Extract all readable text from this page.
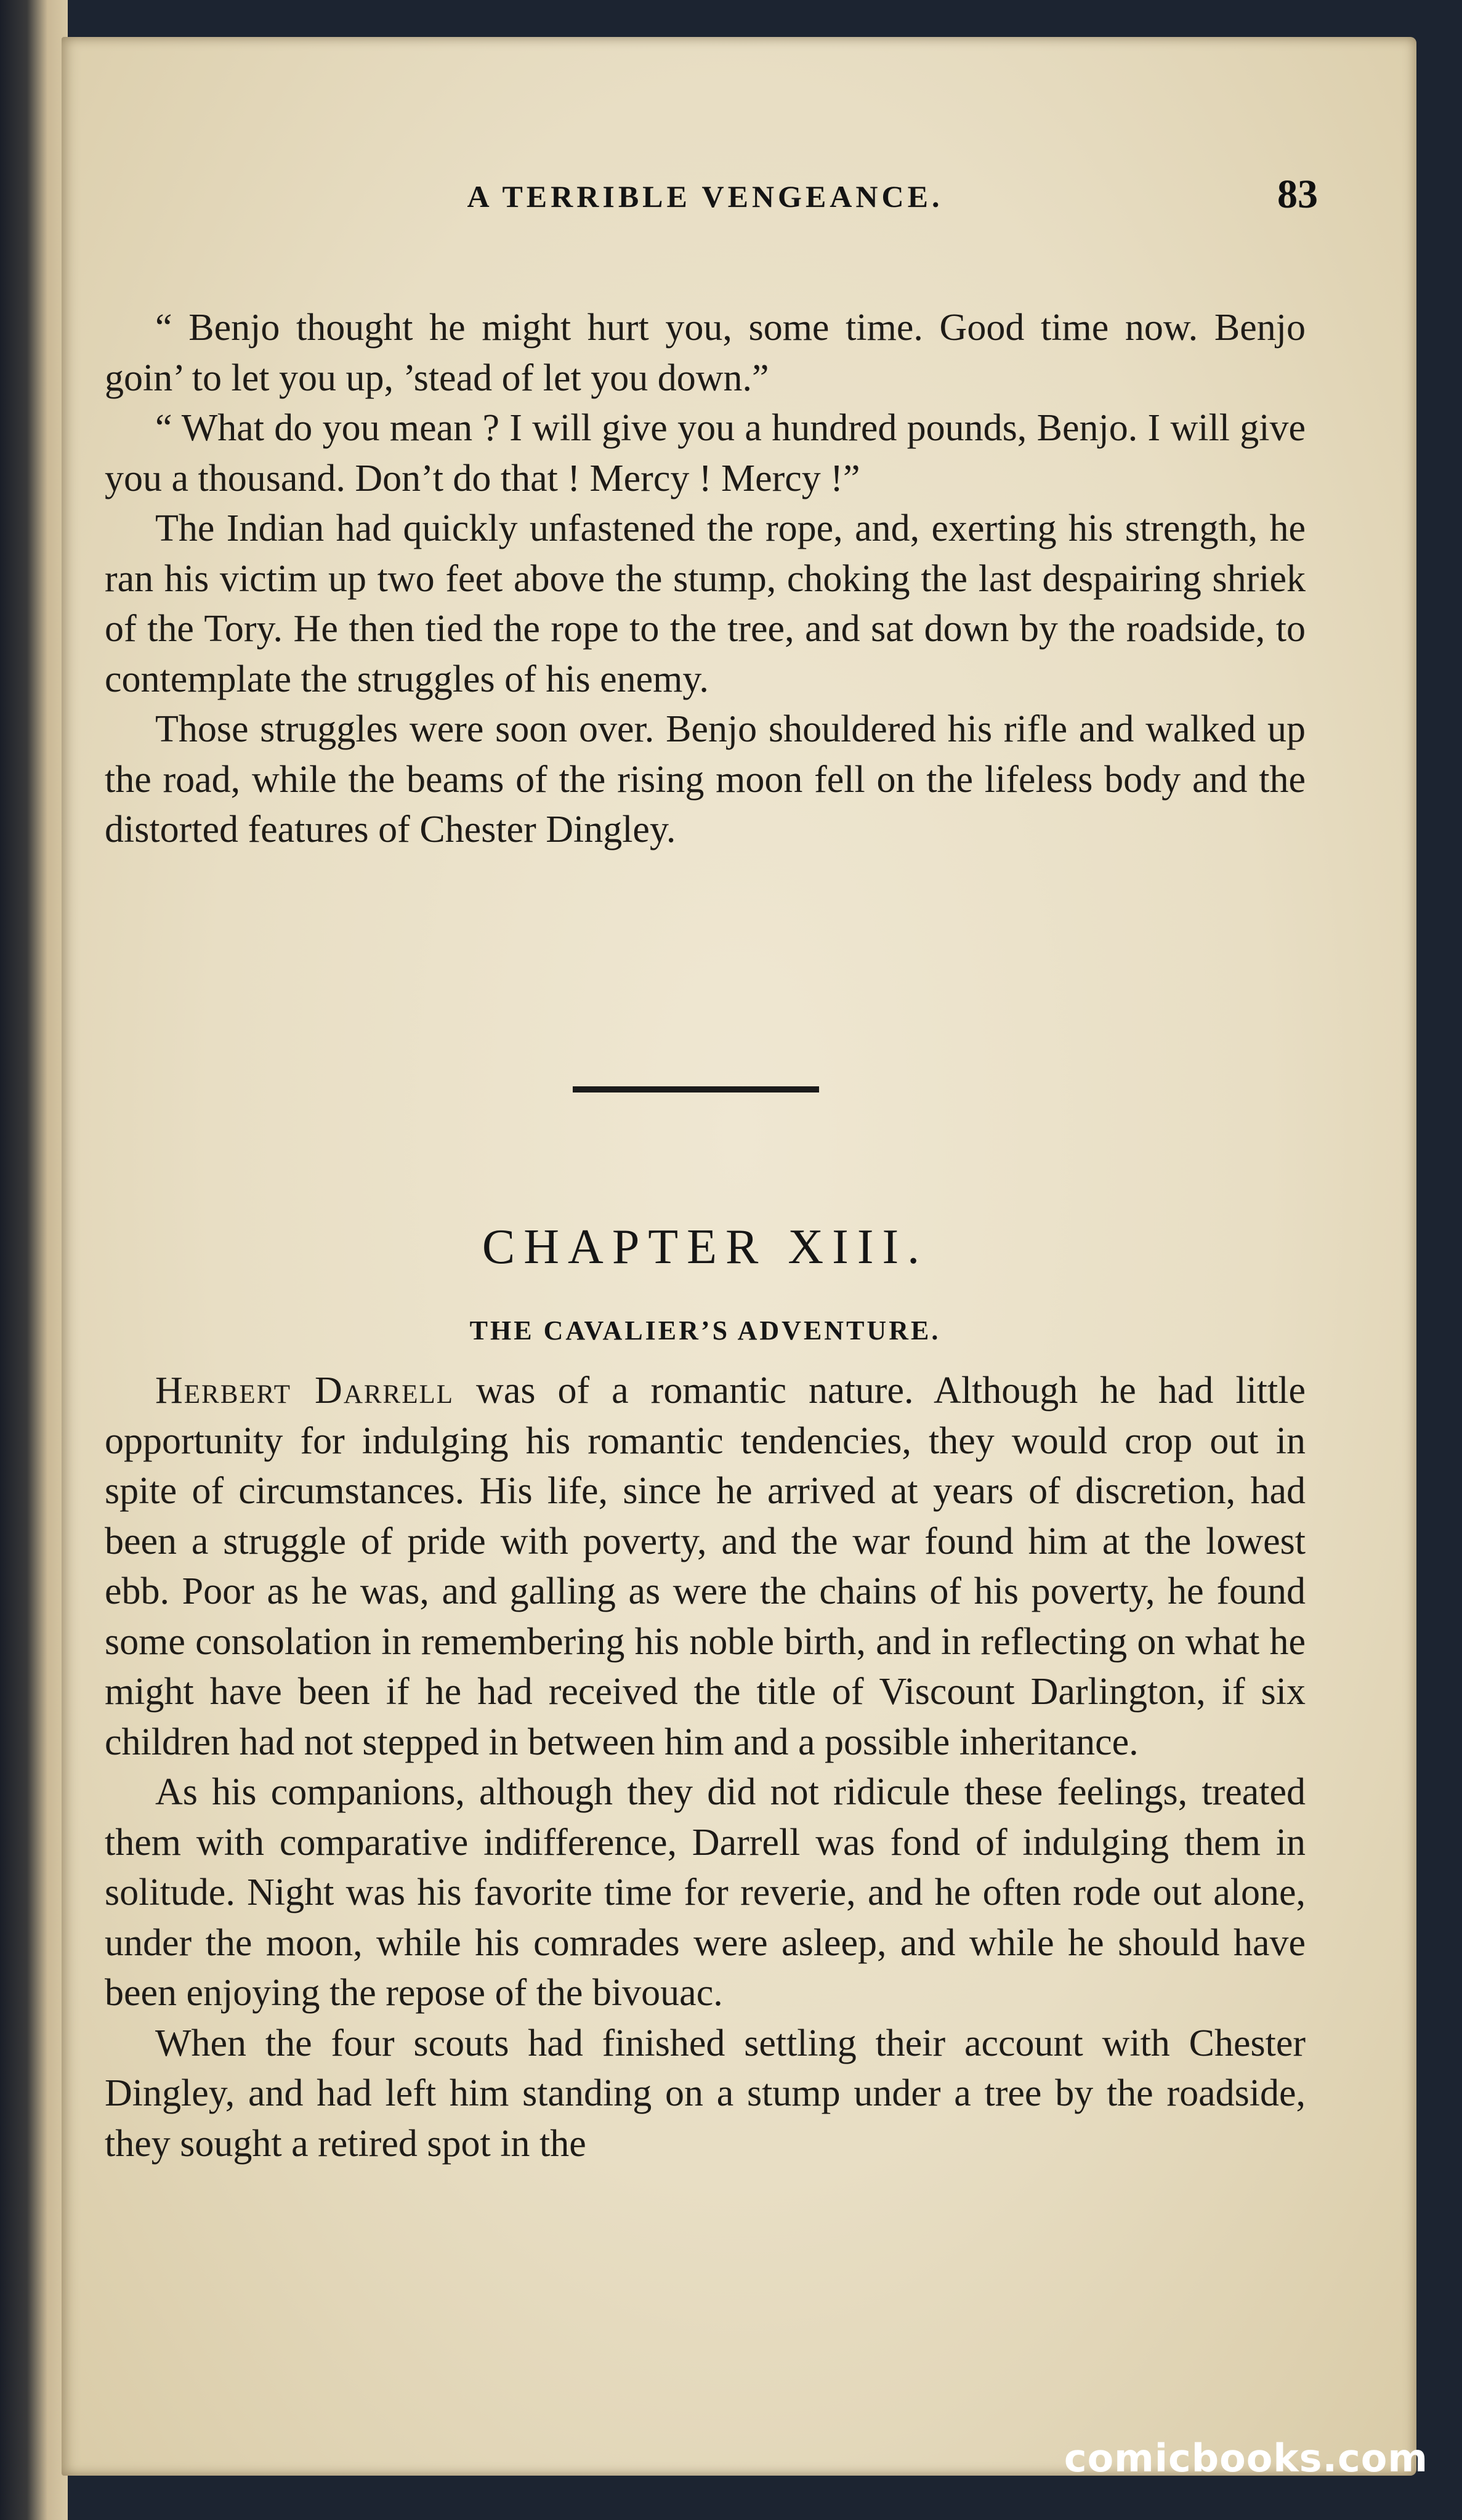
A TERRIBLE VENGEANCE.	83

“ Benjo thought he might hurt you, some time. Good time now. Benjo goin’ to let you up, ’stead of let you down.”

“ What do you mean ? I will give you a hundred pounds, Benjo. I will give you a thousand. Don’t do that ! Mercy ! Mercy !”

The Indian had quickly unfastened the rope, and, exerting his strength, he ran his victim up two feet above the stump, choking the last despairing shriek of the Tory. He then tied the rope to the tree, and sat down by the roadside, to contemplate the struggles of his enemy.

Those struggles were soon over. Benjo shouldered his rifle and walked up the road, while the beams of the rising moon fell on the lifeless body and the distorted features of Chester Dingley.

CHAPTER XIII.
THE CAVALIER’S ADVENTURE.

Herbert Darrell was of a romantic nature. Although he had little opportunity for indulging his romantic tendencies, they would crop out in spite of circumstances. His life, since he arrived at years of discretion, had been a struggle of pride with poverty, and the war found him at the lowest ebb. Poor as he was, and galling as were the chains of his poverty, he found some consolation in remembering his noble birth, and in reflecting on what he might have been if he had received the title of Viscount Darlington, if six children had not stepped in between him and a possible inheritance.

As his companions, although they did not ridicule these feelings, treated them with comparative indifference, Darrell was fond of indulging them in solitude. Night was his favorite time for reverie, and he often rode out alone, under the moon, while his comrades were asleep, and while he should have been enjoying the repose of the bivouac.

When the four scouts had finished settling their account with Chester Dingley, and had left him standing on a stump under a tree by the roadside, they sought a retired spot in the

comicbooks.com
